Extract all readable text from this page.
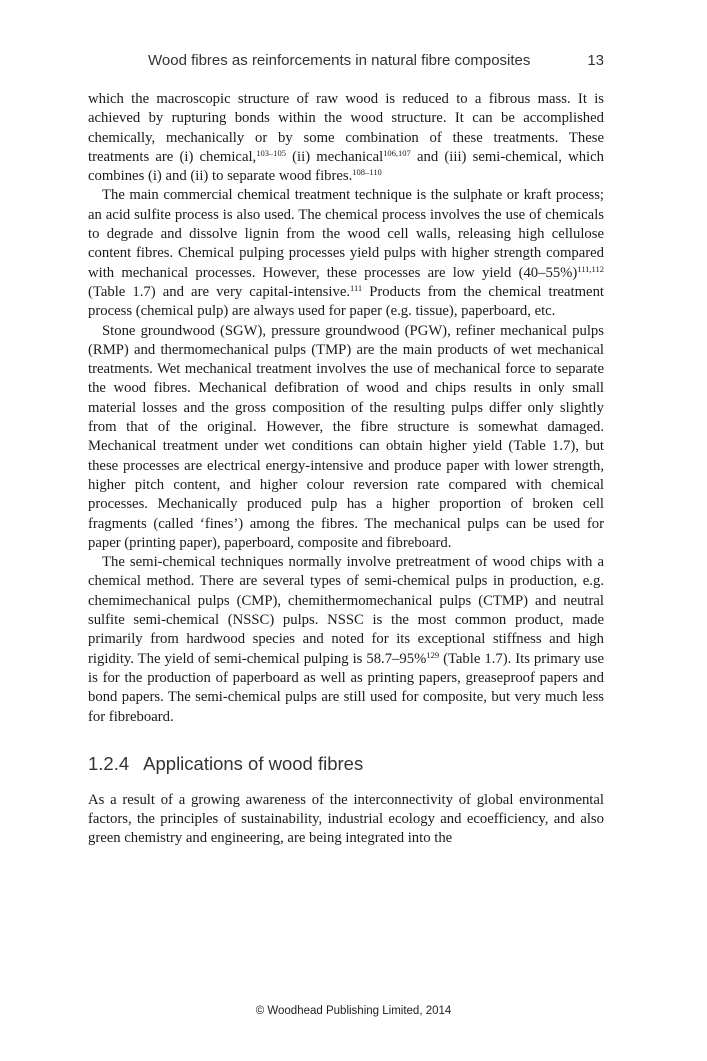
Wood fibres as reinforcements in natural fibre composites	13

which the macroscopic structure of raw wood is reduced to a fibrous mass. It is achieved by rupturing bonds within the wood structure. It can be accomplished chemically, mechanically or by some combination of these treatments. These treatments are (i) chemical,$^{103-105}$ (ii) mechanical$^{106,107}$ and (iii) semi-chemical, which combines (i) and (ii) to separate wood fibres.$^{108-110}$

The main commercial chemical treatment technique is the sulphate or kraft process; an acid sulfite process is also used. The chemical process involves the use of chemicals to degrade and dissolve lignin from the wood cell walls, releasing high cellulose content fibres. Chemical pulping processes yield pulps with higher strength compared with mechanical processes. However, these processes are low yield $(40-55\%)^{111,112}$ (Table 1.7) and are very capital-intensive.$^{111}$ Products from the chemical treatment process (chemical pulp) are always used for paper (e.g. tissue), paperboard, etc.

Stone groundwood (SGW), pressure groundwood (PGW), refiner mechanical pulps (RMP) and thermomechanical pulps (TMP) are the main products of wet mechanical treatments. Wet mechanical treatment involves the use of mechanical force to separate the wood fibres. Mechanical defibration of wood and chips results in only small material losses and the gross composition of the resulting pulps differ only slightly from that of the original. However, the fibre structure is somewhat damaged. Mechanical treatment under wet conditions can obtain higher yield (Table 1.7), but these processes are electrical energy-intensive and produce paper with lower strength, higher pitch content, and higher colour reversion rate compared with chemical processes. Mechanically produced pulp has a higher proportion of broken cell fragments (called ‘fines’) among the fibres. The mechanical pulps can be used for paper (printing paper), paperboard, composite and fibreboard.

The semi-chemical techniques normally involve pretreatment of wood chips with a chemical method. There are several types of semi-chemical pulps in production, e.g. chemimechanical pulps (CMP), chemithermomechanical pulps (CTMP) and neutral sulfite semi-chemical (NSSC) pulps. NSSC is the most common product, made primarily from hardwood species and noted for its exceptional stiffness and high rigidity. The yield of semi-chemical pulping is 58.7–95%$^{129}$ (Table 1.7). Its primary use is for the production of paperboard as well as printing papers, greaseproof papers and bond papers. The semi-chemical pulps are still used for composite, but very much less for fibreboard.

1.2.4 Applications of wood fibres

As a result of a growing awareness of the interconnectivity of global environmental factors, the principles of sustainability, industrial ecology and ecoefficiency, and also green chemistry and engineering, are being integrated into the

© Woodhead Publishing Limited, 2014
